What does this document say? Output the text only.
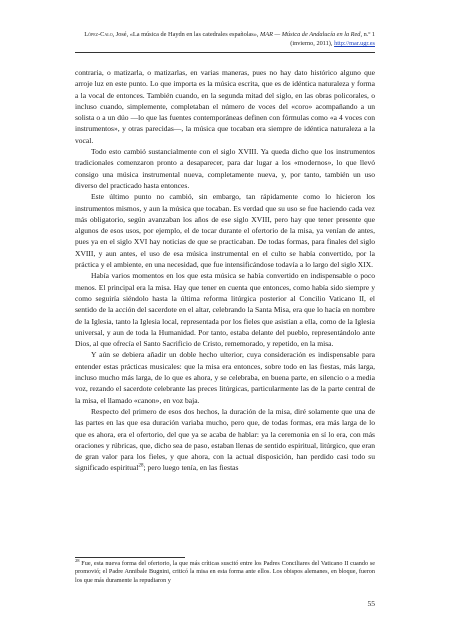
López-Calo, José, «La música de Haydn en las catedrales españolas», MAR — Música de Andalucía en la Red, n.º 1 (invierno, 2011), http://mar.ugr.es

contraria, o matizarla, o matizarlas, en varias maneras, pues no hay dato histórico alguno que arroje luz en este punto. Lo que importa es la música escrita, que es de idéntica naturaleza y forma a la vocal de entonces. También cuando, en la segunda mitad del siglo, en las obras policorales, o incluso cuando, simplemente, completaban el número de voces del «coro» acompañando a un solista o a un dúo —lo que las fuentes contemporáneas definen con fórmulas como «a 4 voces con instrumentos», y otras parecidas—, la música que tocaban era siempre de idéntica naturaleza a la vocal.

Todo esto cambió sustancialmente con el siglo XVIII. Ya queda dicho que los instrumentos tradicionales comenzaron pronto a desaparecer, para dar lugar a los «modernos», lo que llevó consigo una música instrumental nueva, completamente nueva, y, por tanto, también un uso diverso del practicado hasta entonces.

Este último punto no cambió, sin embargo, tan rápidamente como lo hicieron los instrumentos mismos, y aun la música que tocaban. Es verdad que su uso se fue haciendo cada vez más obligatorio, según avanzaban los años de ese siglo XVIII, pero hay que tener presente que algunos de esos usos, por ejemplo, el de tocar durante el ofertorio de la misa, ya venían de antes, pues ya en el siglo XVI hay noticias de que se practicaban. De todas formas, para finales del siglo XVIII, y aun antes, el uso de esa música instrumental en el culto se había convertido, por la práctica y el ambiente, en una necesidad, que fue intensificándose todavía a lo largo del siglo XIX.

Había varios momentos en los que esta música se había convertido en indispensable o poco menos. El principal era la misa. Hay que tener en cuenta que entonces, como había sido siempre y como seguiría siéndolo hasta la última reforma litúrgica posterior al Concilio Vaticano II, el sentido de la acción del sacerdote en el altar, celebrando la Santa Misa, era que lo hacía en nombre de la Iglesia, tanto la Iglesia local, representada por los fieles que asistían a ella, como de la Iglesia universal, y aun de toda la Humanidad. Por tanto, estaba delante del pueblo, representándolo ante Dios, al que ofrecía el Santo Sacrificio de Cristo, rememorado, y repetido, en la misa.

Y aún se debiera añadir un doble hecho ulterior, cuya consideración es indispensable para entender estas prácticas musicales: que la misa era entonces, sobre todo en las fiestas, más larga, incluso mucho más larga, de lo que es ahora, y se celebraba, en buena parte, en silencio o a media voz, rezando el sacerdote celebrante las preces litúrgicas, particularmente las de la parte central de la misa, el llamado «canon», en voz baja.

Respecto del primero de esos dos hechos, la duración de la misa, diré solamente que una de las partes en las que esa duración variaba mucho, pero que, de todas formas, era más larga de lo que es ahora, era el ofertorio, del que ya se acaba de hablar: ya la ceremonia en sí lo era, con más oraciones y rúbricas, que, dicho sea de paso, estaban llenas de sentido espiritual, litúrgico, que eran de gran valor para los fieles, y que ahora, con la actual disposición, han perdido casi todo su significado espiritual$^{28}$; pero luego tenía, en las fiestas

$^{28}$ Fue, esta nueva forma del ofertorio, la que más críticas suscitó entre los Padres Conciliares del Vaticano II cuando se promovió; el Padre Annibale Bugnini, criticó la misa en esta forma ante ellos. Los obispos alemanes, en bloque, fueron los que más duramente la repudiaron y
55
